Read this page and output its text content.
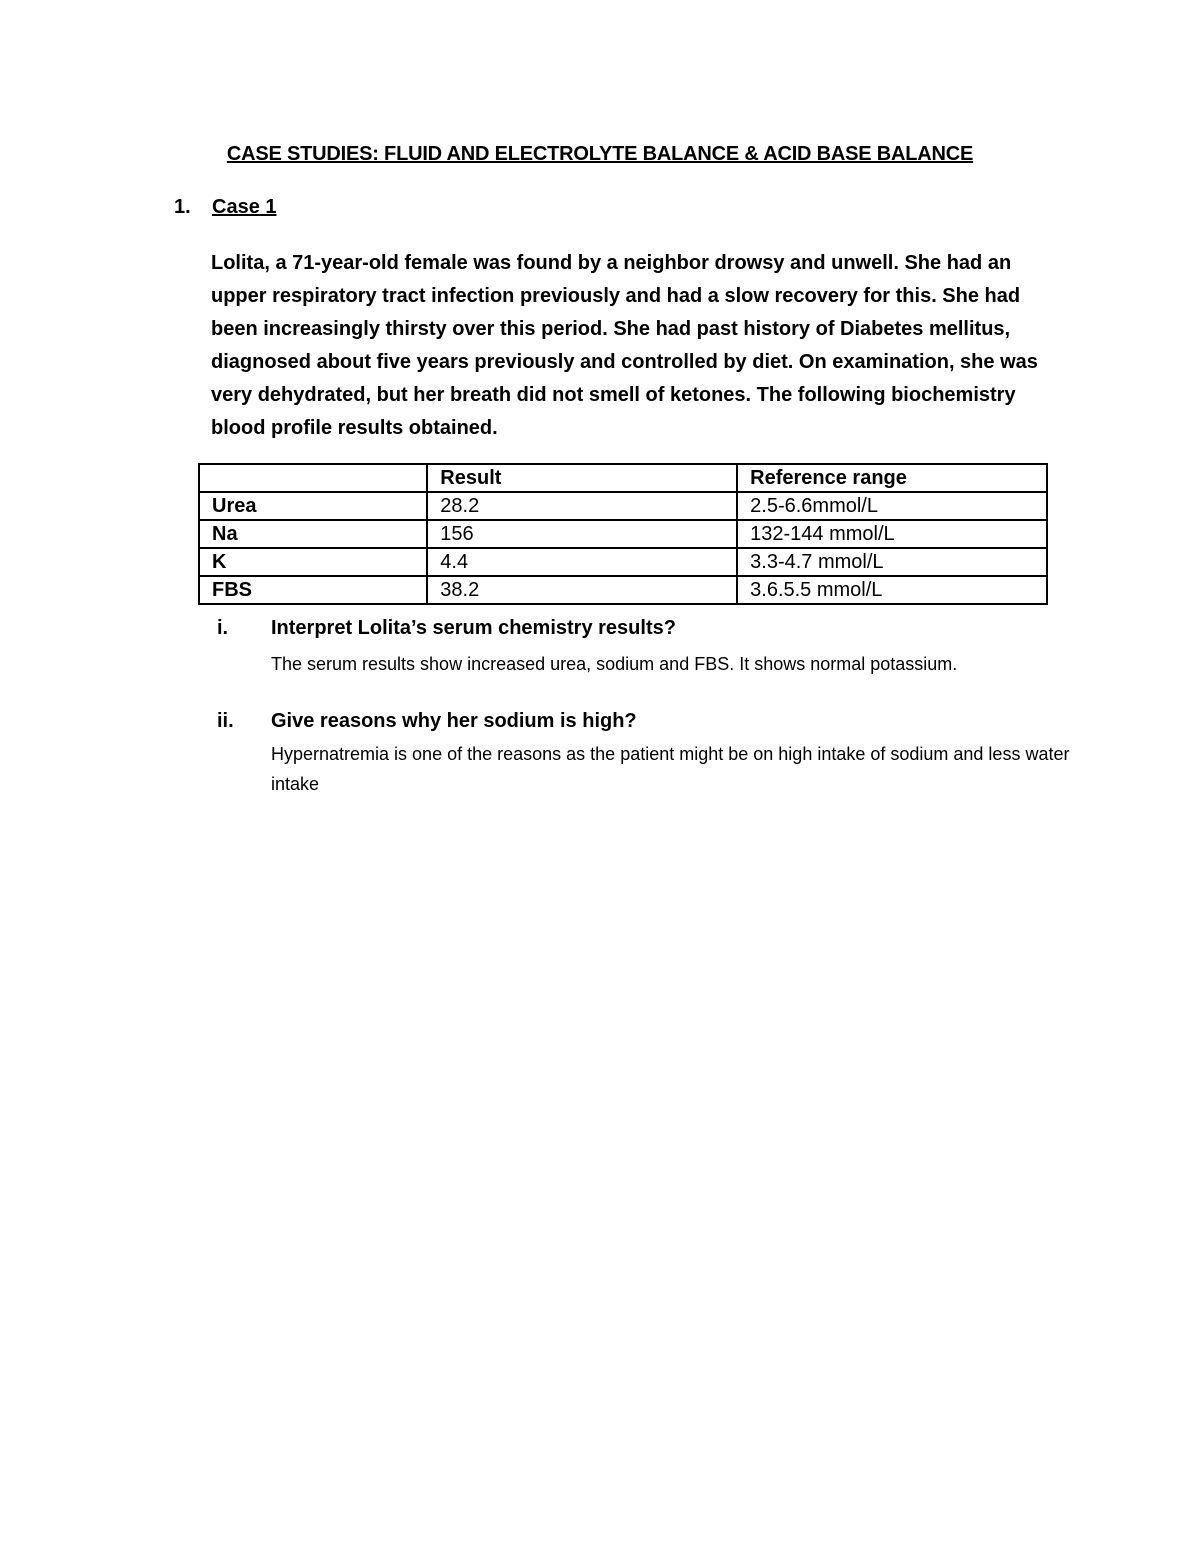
CASE STUDIES: FLUID AND ELECTROLYTE BALANCE & ACID BASE BALANCE
1. Case 1

Lolita, a 71-year-old female was found by a neighbor drowsy and unwell. She had an upper respiratory tract infection previously and had a slow recovery for this. She had been increasingly thirsty over this period. She had past history of Diabetes mellitus, diagnosed about five years previously and controlled by diet. On examination, she was very dehydrated, but her breath did not smell of ketones. The following biochemistry blood profile results obtained.

	Result	Reference range
Urea	28.2	2.5-6.6mmol/L
Na	156	132-144 mmol/L
K	4.4	3.3-4.7 mmol/L
FBS	38.2	3.6.5.5 mmol/L
i. Interpret Lolita’s serum chemistry results?
The serum results show increased urea, sodium and FBS. It shows normal potassium.
ii. Give reasons why her sodium is high?
Hypernatremia is one of the reasons as the patient might be on high intake of sodium and less water intake
